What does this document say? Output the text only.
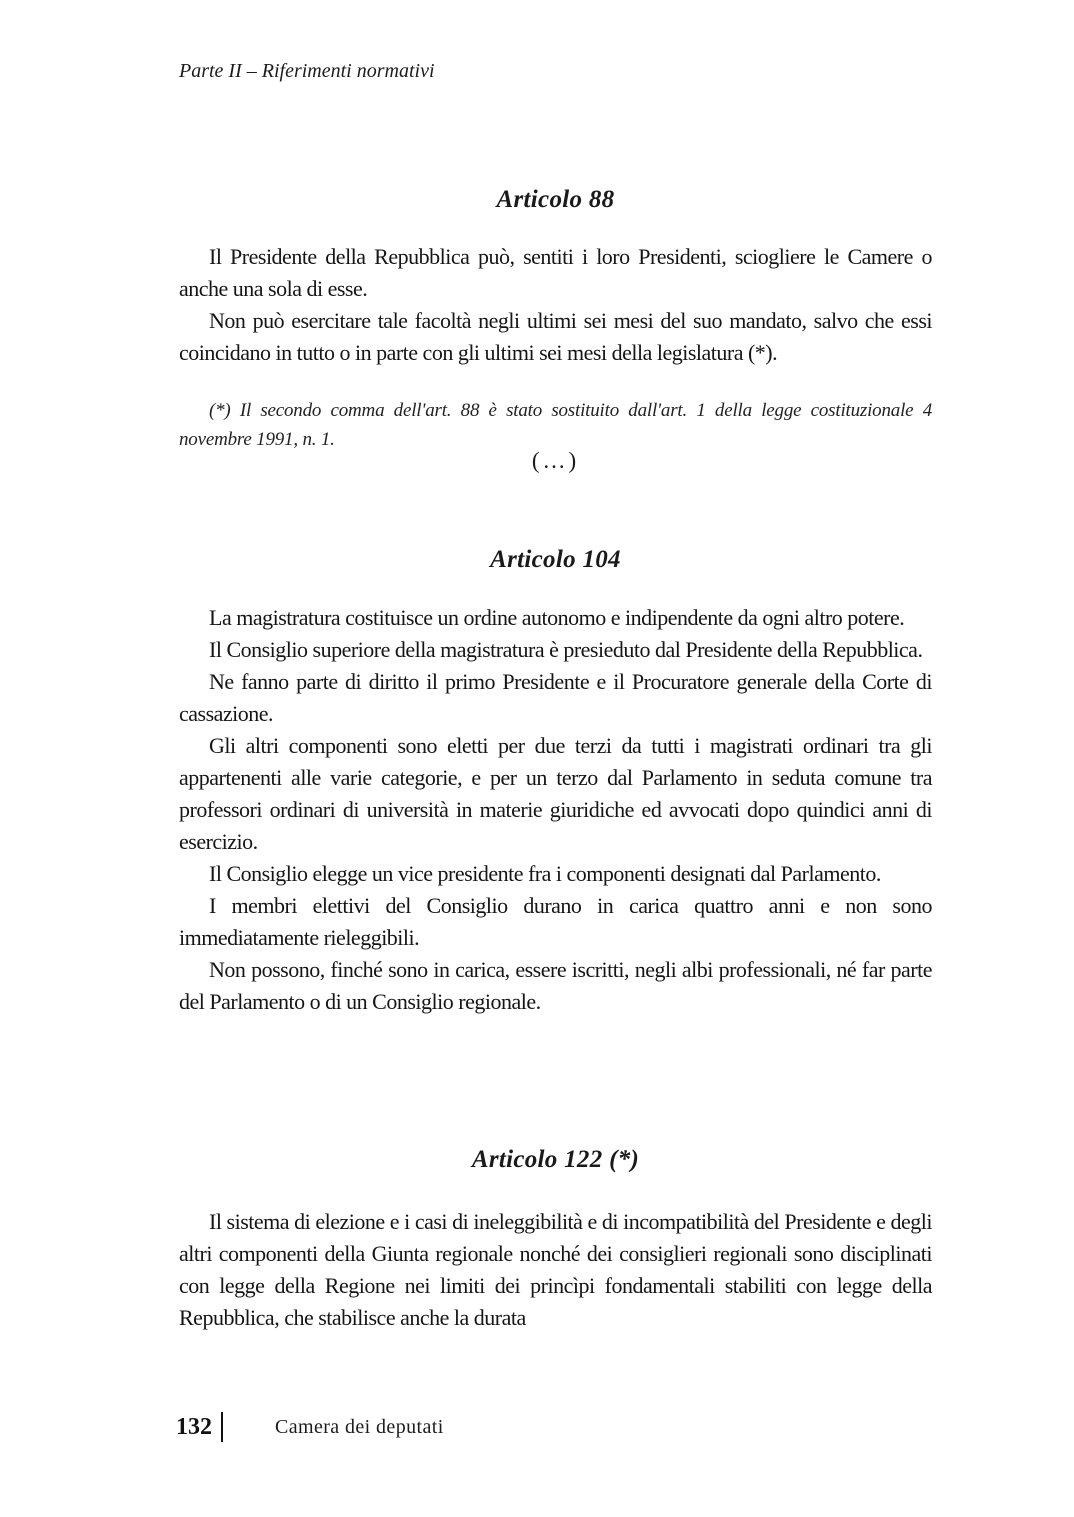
Parte II – Riferimenti normativi
Articolo 88

Il Presidente della Repubblica può, sentiti i loro Presidenti, sciogliere le Camere o anche una sola di esse.

Non può esercitare tale facoltà negli ultimi sei mesi del suo mandato, salvo che essi coincidano in tutto o in parte con gli ultimi sei mesi della legislatura (*).

(*) Il secondo comma dell'art. 88 è stato sostituito dall'art. 1 della legge costituzionale 4 novembre 1991, n. 1.

(…)
Articolo 104

La magistratura costituisce un ordine autonomo e indipendente da ogni altro potere.

Il Consiglio superiore della magistratura è presieduto dal Presidente della Repubblica.

Ne fanno parte di diritto il primo Presidente e il Procuratore generale della Corte di cassazione.

Gli altri componenti sono eletti per due terzi da tutti i magistrati ordinari tra gli appartenenti alle varie categorie, e per un terzo dal Parlamento in seduta comune tra professori ordinari di università in materie giuridiche ed avvocati dopo quindici anni di esercizio.

Il Consiglio elegge un vice presidente fra i componenti designati dal Parlamento.

I membri elettivi del Consiglio durano in carica quattro anni e non sono immediatamente rieleggibili.

Non possono, finché sono in carica, essere iscritti, negli albi professionali, né far parte del Parlamento o di un Consiglio regionale.

Articolo 122 (*)

Il sistema di elezione e i casi di ineleggibilità e di incompatibilità del Presidente e degli altri componenti della Giunta regionale nonché dei consiglieri regionali sono disciplinati con legge della Regione nei limiti dei princìpi fondamentali stabiliti con legge della Repubblica, che stabilisce anche la durata

132	Camera dei deputati
